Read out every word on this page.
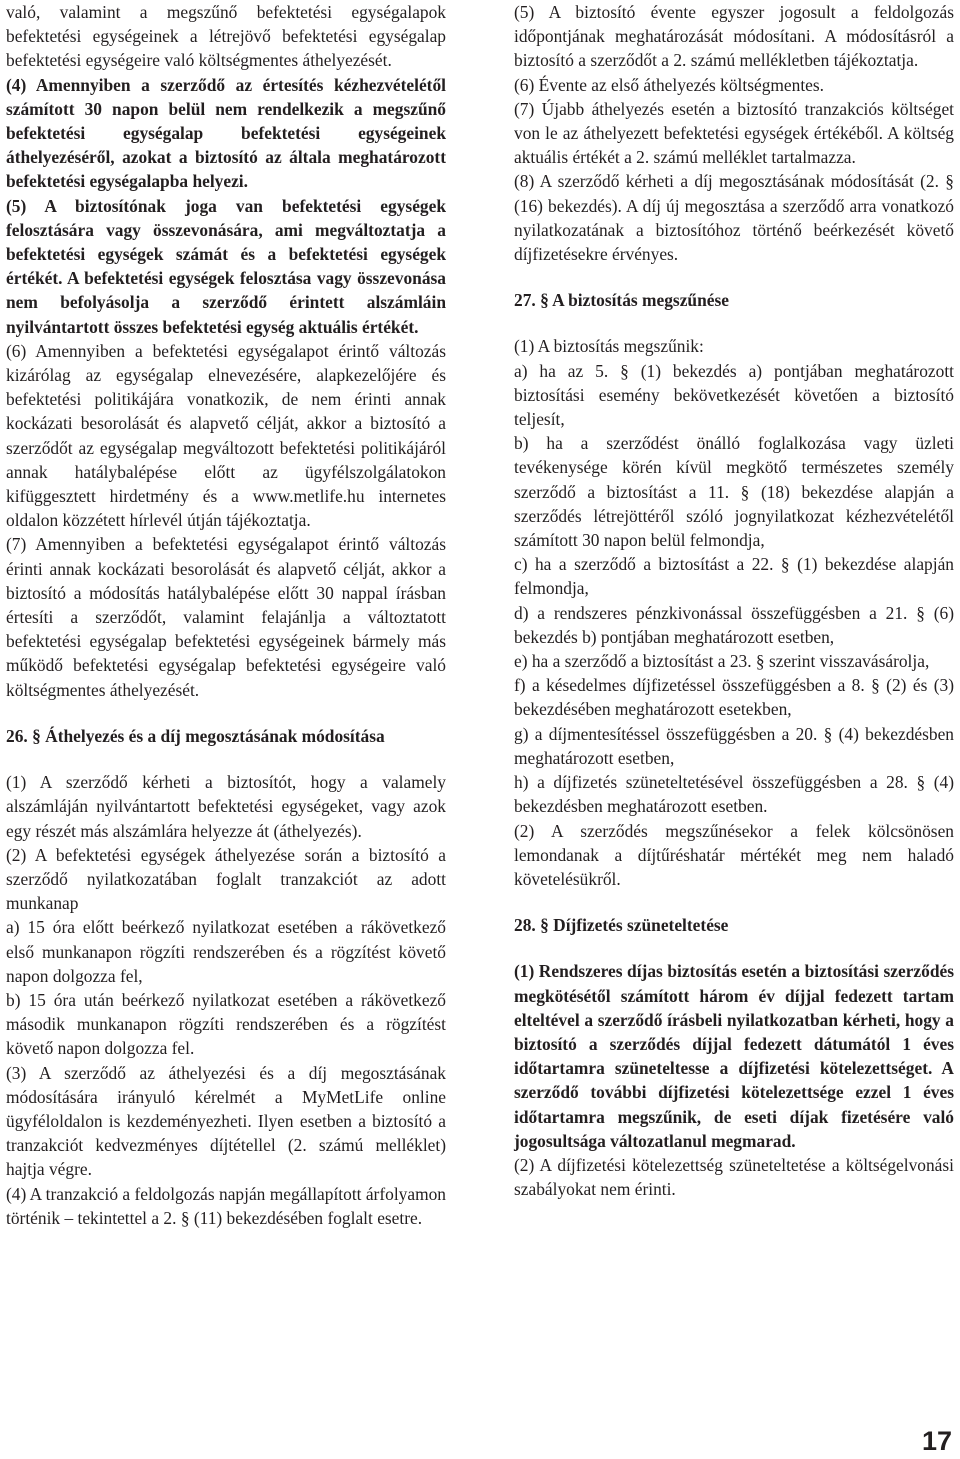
való, valamint a megszűnő befektetési egységalapok befektetési egységeinek a létrejövő befektetési egységalap befektetési egységeire való költségmentes áthelyezését.

(4) Amennyiben a szerződő az értesítés kézhezvételétől számított 30 napon belül nem rendelkezik a megszűnő befektetési egységalap befektetési egységeinek áthelyezéséről, azokat a biztosító az általa meghatározott befektetési egységalapba helyezi.

(5) A biztosítónak joga van befektetési egységek felosztására vagy összevonására, ami megváltoztatja a befektetési egységek számát és a befektetési egységek értékét. A befektetési egységek felosztása vagy összevonása nem befolyásolja a szerződő érintett alszámláin nyilvántartott összes befektetési egység aktuális értékét.

(6) Amennyiben a befektetési egységalapot érintő változás kizárólag az egységalap elnevezésére, alapkezelőjére és befektetési politikájára vonatkozik, de nem érinti annak kockázati besorolását és alapvető célját, akkor a biztosító a szerződőt az egységalap megváltozott befektetési politikájáról annak hatálybalépése előtt az ügyfélszolgálatokon kifüggesztett hirdetmény és a www.metlife.hu internetes oldalon közzétett hírlevél útján tájékoztatja.

(7) Amennyiben a befektetési egységalapot érintő változás érinti annak kockázati besorolását és alapvető célját, akkor a biztosító a módosítás hatálybalépése előtt 30 nappal írásban értesíti a szerződőt, valamint felajánlja a változtatott befektetési egységalap befektetési egységeinek bármely más működő befektetési egységalap befektetési egységeire való költségmentes áthelyezését.

26. § Áthelyezés és a díj megosztásának módosítása

(1) A szerződő kérheti a biztosítót, hogy a valamely alszámláján nyilvántartott befektetési egységeket, vagy azok egy részét más alszámlára helyezze át (áthelyezés).

(2) A befektetési egységek áthelyezése során a biztosító a szerződő nyilatkozatában foglalt tranzakciót az adott munkanap

a) 15 óra előtt beérkező nyilatkozat esetében a rákövetkező első munkanapon rögzíti rendszerében és a rögzítést követő napon dolgozza fel,

b) 15 óra után beérkező nyilatkozat esetében a rákövetkező második munkanapon rögzíti rendszerében és a rögzítést követő napon dolgozza fel.

(3) A szerződő az áthelyezési és a díj megosztásának módosítására irányuló kérelmét a MyMetLife online ügyféloldalon is kezdeményezheti. Ilyen esetben a biztosító a tranzakciót kedvezményes díjtétellel (2. számú melléklet) hajtja végre.

(4) A tranzakció a feldolgozás napján megállapított árfolyamon történik – tekintettel a 2. § (11) bekezdésében foglalt esetre.

(5) A biztosító évente egyszer jogosult a feldolgozás időpontjának meghatározását módosítani. A módosításról a biztosító a szerződőt a 2. számú mellékletben tájékoztatja.

(6) Évente az első áthelyezés költségmentes.

(7) Újabb áthelyezés esetén a biztosító tranzakciós költséget von le az áthelyezett befektetési egységek értékéből. A költség aktuális értékét a 2. számú melléklet tartalmazza.

(8) A szerződő kérheti a díj megosztásának módosítását (2. § (16) bekezdés). A díj új megosztása a szerződő arra vonatkozó nyilatkozatának a biztosítóhoz történő beérkezését követő díjfizetésekre érvényes.

27. § A biztosítás megszűnése

(1) A biztosítás megszűnik:

a) ha az 5. § (1) bekezdés a) pontjában meghatározott biztosítási esemény bekövetkezését követően a biztosító teljesít,

b) ha a szerződést önálló foglalkozása vagy üzleti tevékenysége körén kívül megkötő természetes személy szerződő a biztosítást a 11. § (18) bekezdése alapján a szerződés létrejöttéről szóló jognyilatkozat kézhezvételétől számított 30 napon belül felmondja,

c) ha a szerződő a biztosítást a 22. § (1) bekezdése alapján felmondja,

d) a rendszeres pénzkivonással összefüggésben a 21. § (6) bekezdés b) pontjában meghatározott esetben,

e) ha a szerződő a biztosítást a 23. § szerint visszavásárolja,

f) a késedelmes díjfizetéssel összefüggésben a 8. § (2) és (3) bekezdésében meghatározott esetekben,

g) a díjmentesítéssel összefüggésben a 20. § (4) bekezdésben meghatározott esetben,

h) a díjfizetés szüneteltetésével összefüggésben a 28. § (4) bekezdésben meghatározott esetben.

(2) A szerződés megszűnésekor a felek kölcsönösen lemondanak a díjtűréshatár mértékét meg nem haladó követelésükről.

28. § Díjfizetés szüneteltetése

(1) Rendszeres díjas biztosítás esetén a biztosítási szerződés megkötésétől számított három év díjjal fedezett tartam elteltével a szerződő írásbeli nyilatkozatban kérheti, hogy a biztosító a szerződés díjjal fedezett dátumától 1 éves időtartamra szüneteltesse a díjfizetési kötelezettséget. A szerződő további díjfizetési kötelezettsége ezzel 1 éves időtartamra megszűnik, de eseti díjak fizetésére való jogosultsága változatlanul megmarad.

(2) A díjfizetési kötelezettség szüneteltetése a költségelvonási szabályokat nem érinti.

17
